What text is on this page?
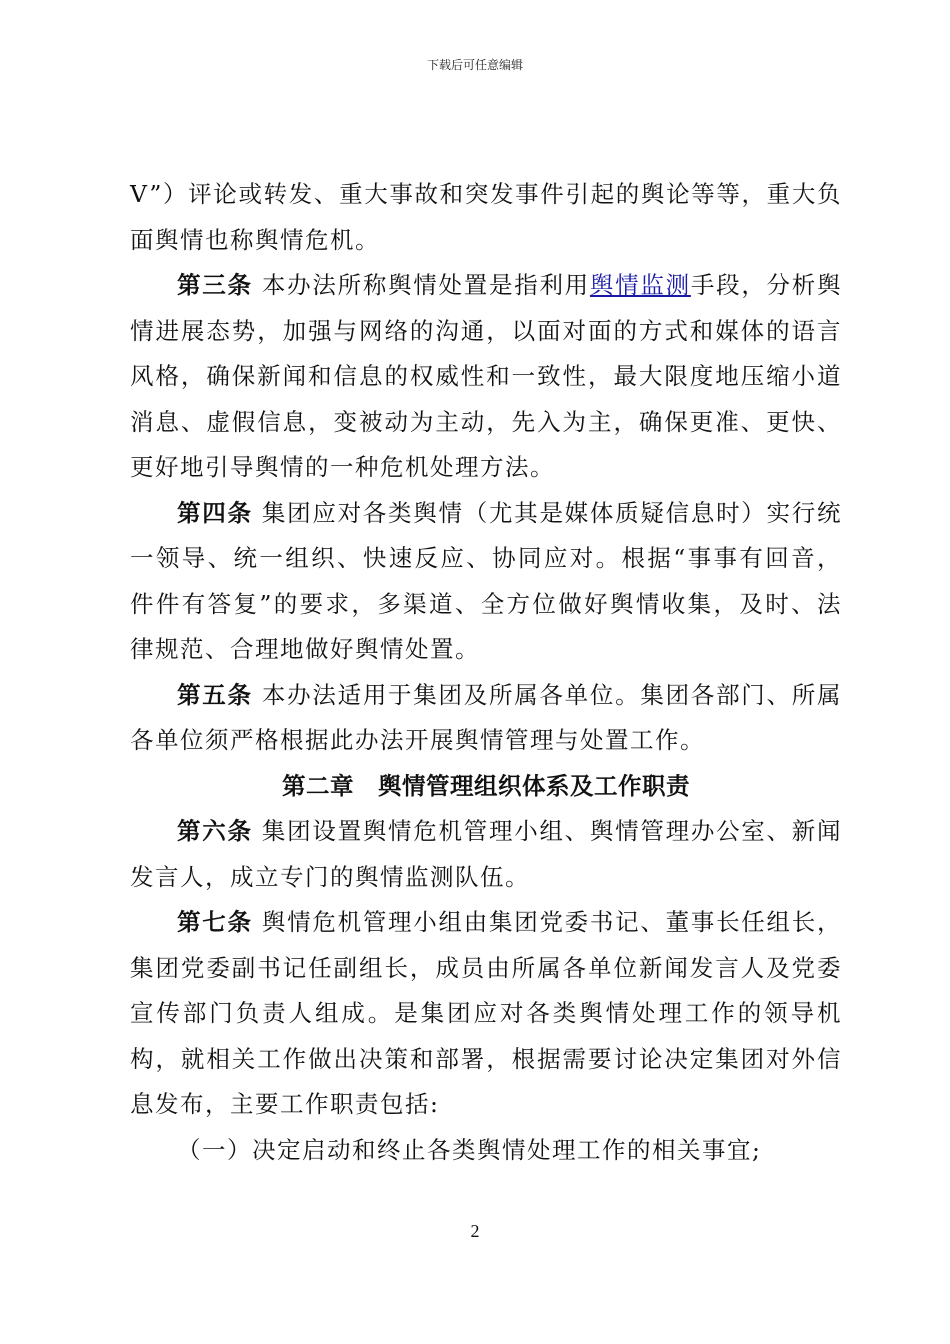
下载后可任意编辑

V”）评论或转发、重大事故和突发事件引起的舆论等等，重大负面舆情也称舆情危机。

第三条 本办法所称舆情处置是指利用舆情监测手段，分析舆情进展态势，加强与网络的沟通，以面对面的方式和媒体的语言风格，确保新闻和信息的权威性和一致性，最大限度地压缩小道消息、虚假信息，变被动为主动，先入为主，确保更准、更快、更好地引导舆情的一种危机处理方法。

第四条 集团应对各类舆情（尤其是媒体质疑信息时）实行统一领导、统一组织、快速反应、协同应对。根据“事事有回音，件件有答复”的要求，多渠道、全方位做好舆情收集，及时、法律规范、合理地做好舆情处置。

第五条 本办法适用于集团及所属各单位。集团各部门、所属各单位须严格根据此办法开展舆情管理与处置工作。

第二章　舆情管理组织体系及工作职责

第六条 集团设置舆情危机管理小组、舆情管理办公室、新闻发言人，成立专门的舆情监测队伍。

第七条 舆情危机管理小组由集团党委书记、董事长任组长，集团党委副书记任副组长，成员由所属各单位新闻发言人及党委宣传部门负责人组成。是集团应对各类舆情处理工作的领导机构，就相关工作做出决策和部署，根据需要讨论决定集团对外信息发布，主要工作职责包括:

（一）决定启动和终止各类舆情处理工作的相关事宜;

2
